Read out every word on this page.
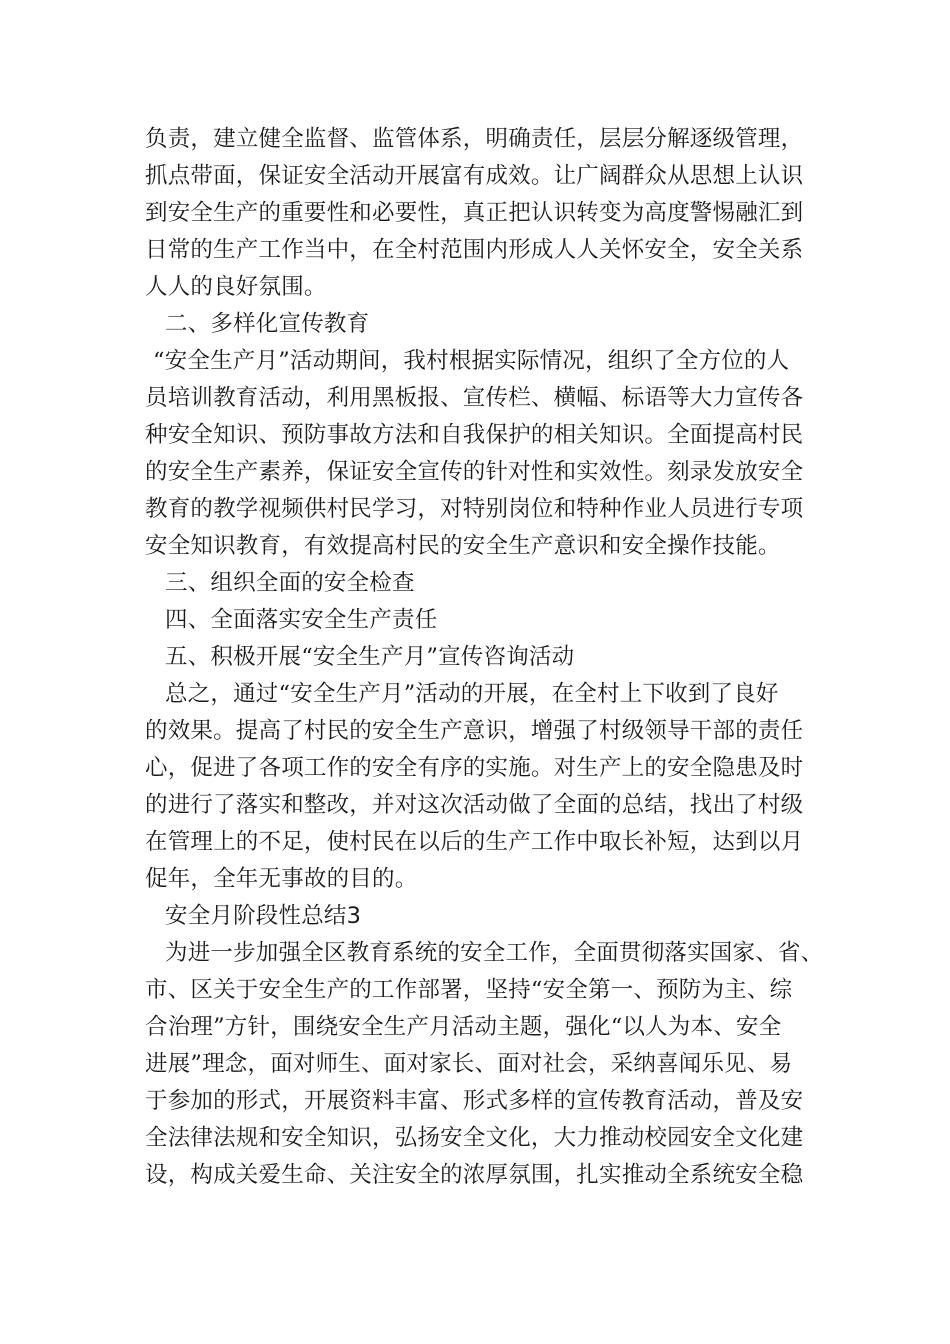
负责，建立健全监督、监管体系，明确责任，层层分解逐级管理，
抓点带面，保证安全活动开展富有成效。让广阔群众从思想上认识
到安全生产的重要性和必要性，真正把认识转变为高度警惕融汇到
日常的生产工作当中，在全村范围内形成人人关怀安全，安全关系
人人的良好氛围。
二、多样化宣传教育
“安全生产月”活动期间，我村根据实际情况，组织了全方位的人
员培训教育活动，利用黑板报、宣传栏、横幅、标语等大力宣传各
种安全知识、预防事故方法和自我保护的相关知识。全面提高村民
的安全生产素养，保证安全宣传的针对性和实效性。刻录发放安全
教育的教学视频供村民学习，对特别岗位和特种作业人员进行专项
安全知识教育，有效提高村民的安全生产意识和安全操作技能。
三、组织全面的安全检查
四、全面落实安全生产责任
五、积极开展“安全生产月”宣传咨询活动
总之，通过“安全生产月”活动的开展，在全村上下收到了良好
的效果。提高了村民的安全生产意识，增强了村级领导干部的责任
心，促进了各项工作的安全有序的实施。对生产上的安全隐患及时
的进行了落实和整改，并对这次活动做了全面的总结，找出了村级
在管理上的不足，使村民在以后的生产工作中取长补短，达到以月
促年，全年无事故的目的。
安全月阶段性总结3
为进一步加强全区教育系统的安全工作，全面贯彻落实国家、省、
市、区关于安全生产的工作部署，坚持“安全第一、预防为主、综
合治理”方针，围绕安全生产月活动主题，强化“以人为本、安全
进展”理念，面对师生、面对家长、面对社会，采纳喜闻乐见、易
于参加的形式，开展资料丰富、形式多样的宣传教育活动，普及安
全法律法规和安全知识，弘扬安全文化，大力推动校园安全文化建
设，构成关爱生命、关注安全的浓厚氛围，扎实推动全系统安全稳
